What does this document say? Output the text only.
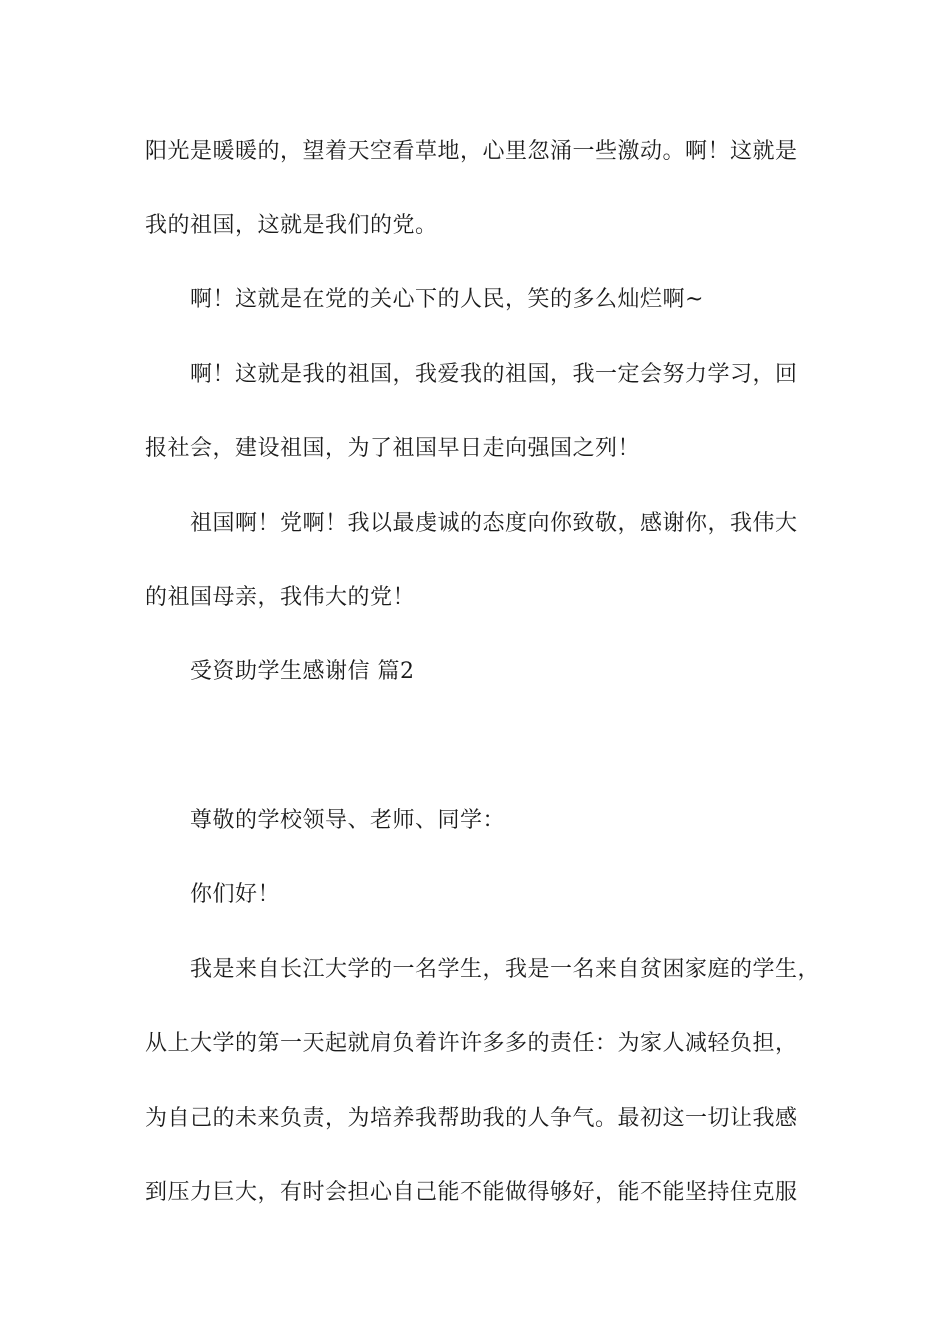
阳光是暖暖的，望着天空看草地，心里忽涌一些激动。啊！这就是
我的祖国，这就是我们的党。
啊！这就是在党的关心下的人民，笑的多么灿烂啊~
啊！这就是我的祖国，我爱我的祖国，我一定会努力学习，回
报社会，建设祖国，为了祖国早日走向强国之列！
祖国啊！党啊！我以最虔诚的态度向你致敬，感谢你，我伟大
的祖国母亲，我伟大的党！
受资助学生感谢信 篇2
尊敬的学校领导、老师、同学：
你们好！
我是来自长江大学的一名学生，我是一名来自贫困家庭的学生，
从上大学的第一天起就肩负着许许多多的责任：为家人减轻负担，
为自己的未来负责，为培养我帮助我的人争气。最初这一切让我感
到压力巨大，有时会担心自己能不能做得够好，能不能坚持住克服
